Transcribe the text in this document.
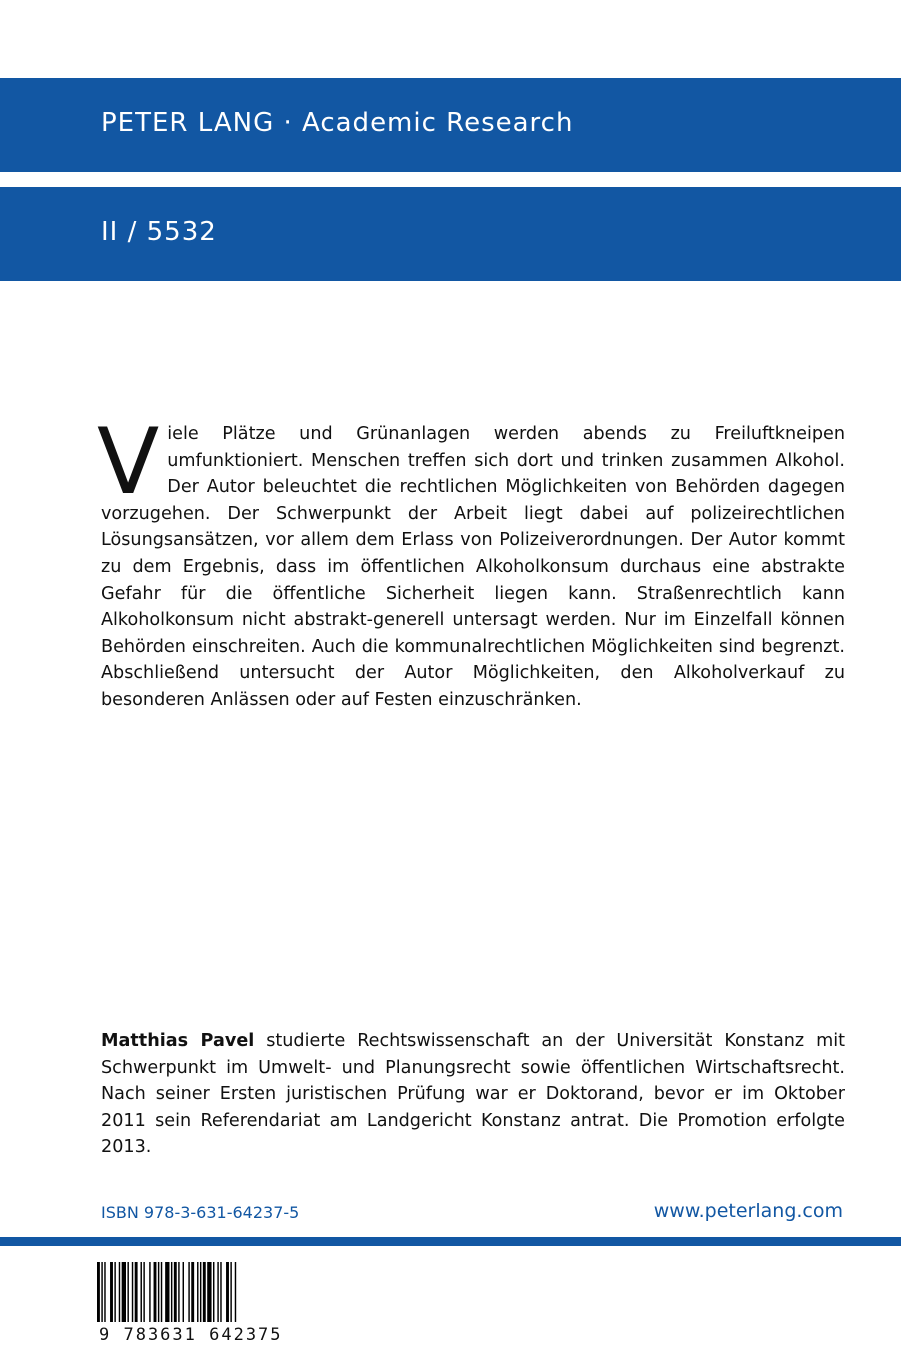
PETER LANG · Academic Research
II / 5532
V iele Plätze und Grünanlagen werden abends zu Freiluftkneipen umfunktioniert. Menschen treffen sich dort und trinken zusammen Alkohol. Der Autor beleuchtet die rechtlichen Möglichkeiten von Behörden dagegen vorzugehen. Der Schwerpunkt der Arbeit liegt dabei auf polizeirechtlichen Lösungsansätzen, vor allem dem Erlass von Polizeiverordnungen. Der Autor kommt zu dem Ergebnis, dass im öffentlichen Alkoholkonsum durchaus eine abstrakte Gefahr für die öffentliche Sicherheit liegen kann. Straßenrechtlich kann Alkoholkonsum nicht abstrakt-generell untersagt werden. Nur im Einzelfall können Behörden einschreiten. Auch die kommunalrechtlichen Möglichkeiten sind begrenzt. Abschließend untersucht der Autor Möglichkeiten, den Alkoholverkauf zu besonderen Anlässen oder auf Festen einzuschränken.
Matthias Pavel studierte Rechtswissenschaft an der Universität Konstanz mit Schwerpunkt im Umwelt- und Planungsrecht sowie öffentlichen Wirtschaftsrecht. Nach seiner Ersten juristischen Prüfung war er Doktorand, bevor er im Oktober 2011 sein Referendariat am Landgericht Konstanz antrat. Die Promotion erfolgte 2013.
ISBN 978-3-631-64237-5	www.peterlang.com
9 783631 642375
